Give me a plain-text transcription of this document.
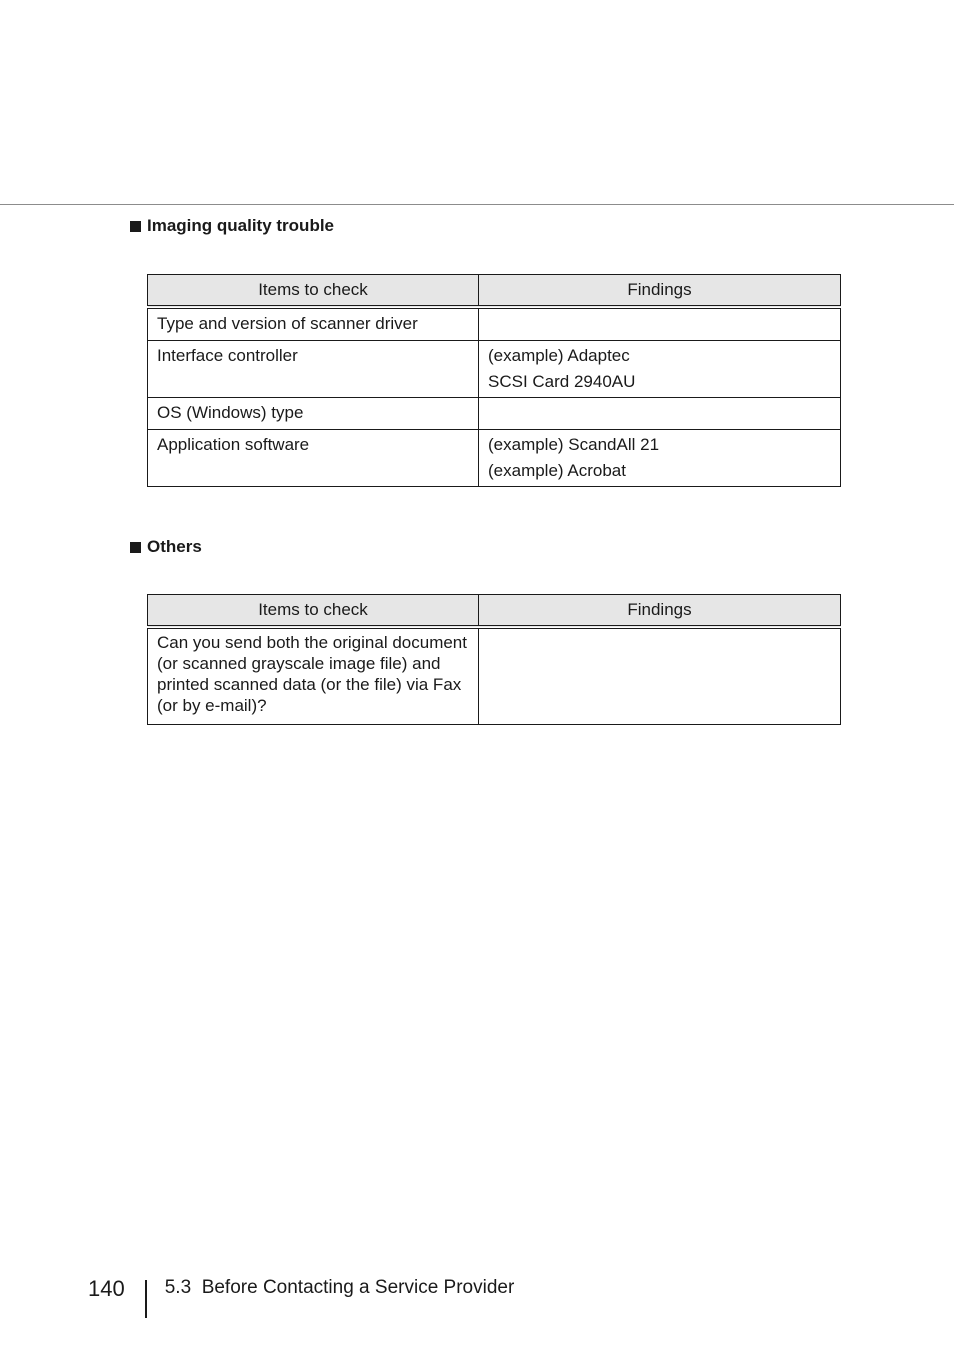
Imaging quality trouble
Items to check	Findings

Type and version of scanner driver	

Interface controller	(example) Adaptec
SCSI Card 2940AU

OS (Windows) type	

Application software	(example) ScandAll 21
(example) Acrobat
Others
Items to check	Findings

Can you send both the original document
(or scanned grayscale image file) and
printed scanned data (or the file) via Fax
(or by e-mail)?	

140 5.3  Before Contacting a Service Provider
